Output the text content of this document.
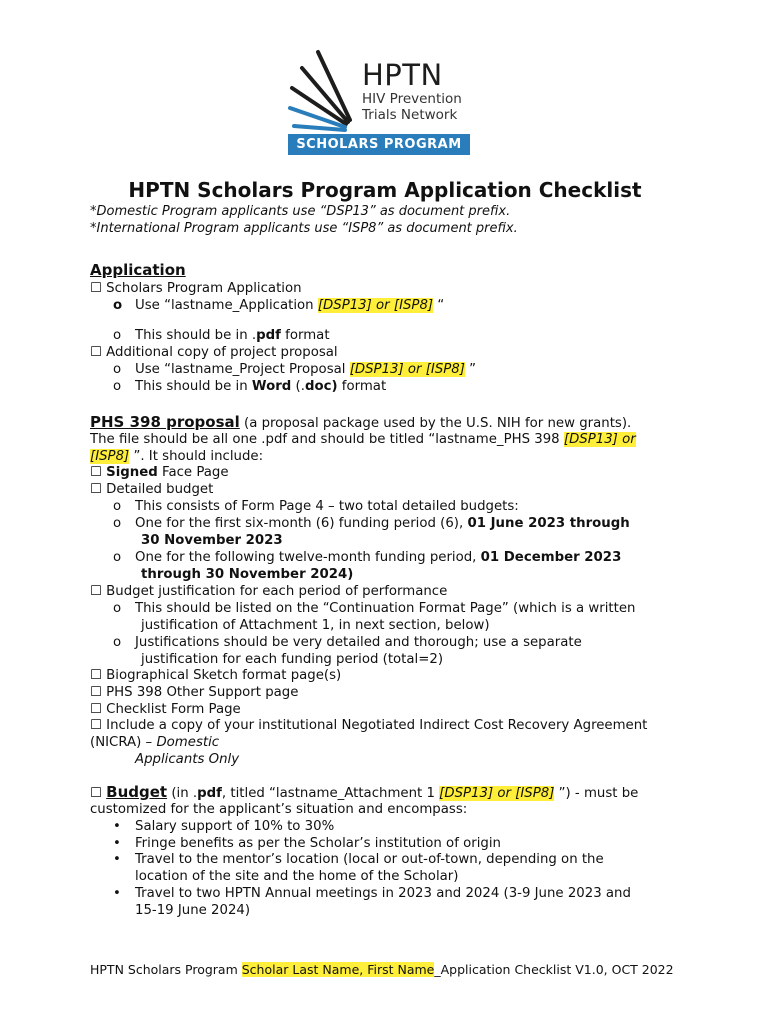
HPTN
HIV Prevention
Trials Network
SCHOLARS PROGRAM
HPTN Scholars Program Application Checklist
*Domestic Program applicants use “DSP13” as document prefix.
*International Program applicants use “ISP8” as document prefix.
Application
☐ Scholars Program Application
o Use “lastname_Application [DSP13] or [ISP8] “
o This should be in .pdf format
☐ Additional copy of project proposal
o Use “lastname_Project Proposal [DSP13] or [ISP8] ”
o This should be in Word (.doc) format
PHS 398 proposal (a proposal package used by the U.S. NIH for new grants).
The file should be all one .pdf and should be titled “lastname_PHS 398 [DSP13] or
[ISP8] ”. It should include:
☐ Signed Face Page
☐ Detailed budget
o This consists of Form Page 4 – two total detailed budgets:
o One for the first six-month (6) funding period (6), 01 June 2023 through
30 November 2023
o One for the following twelve-month funding period, 01 December 2023
through 30 November 2024)
☐ Budget justification for each period of performance
o This should be listed on the “Continuation Format Page” (which is a written
justification of Attachment 1, in next section, below)
o Justifications should be very detailed and thorough; use a separate
justification for each funding period (total=2)
☐ Biographical Sketch format page(s)
☐ PHS 398 Other Support page
☐ Checklist Form Page
☐ Include a copy of your institutional Negotiated Indirect Cost Recovery Agreement
(NICRA) – Domestic
Applicants Only
☐ Budget (in .pdf, titled “lastname_Attachment 1 [DSP13] or [ISP8] ”) - must be
customized for the applicant’s situation and encompass:
• Salary support of 10% to 30%
• Fringe benefits as per the Scholar’s institution of origin
• Travel to the mentor’s location (local or out-of-town, depending on the
location of the site and the home of the Scholar)
• Travel to two HPTN Annual meetings in 2023 and 2024 (3-9 June 2023 and
15-19 June 2024)
HPTN Scholars Program Scholar Last Name, First Name_Application Checklist V1.0, OCT 2022
